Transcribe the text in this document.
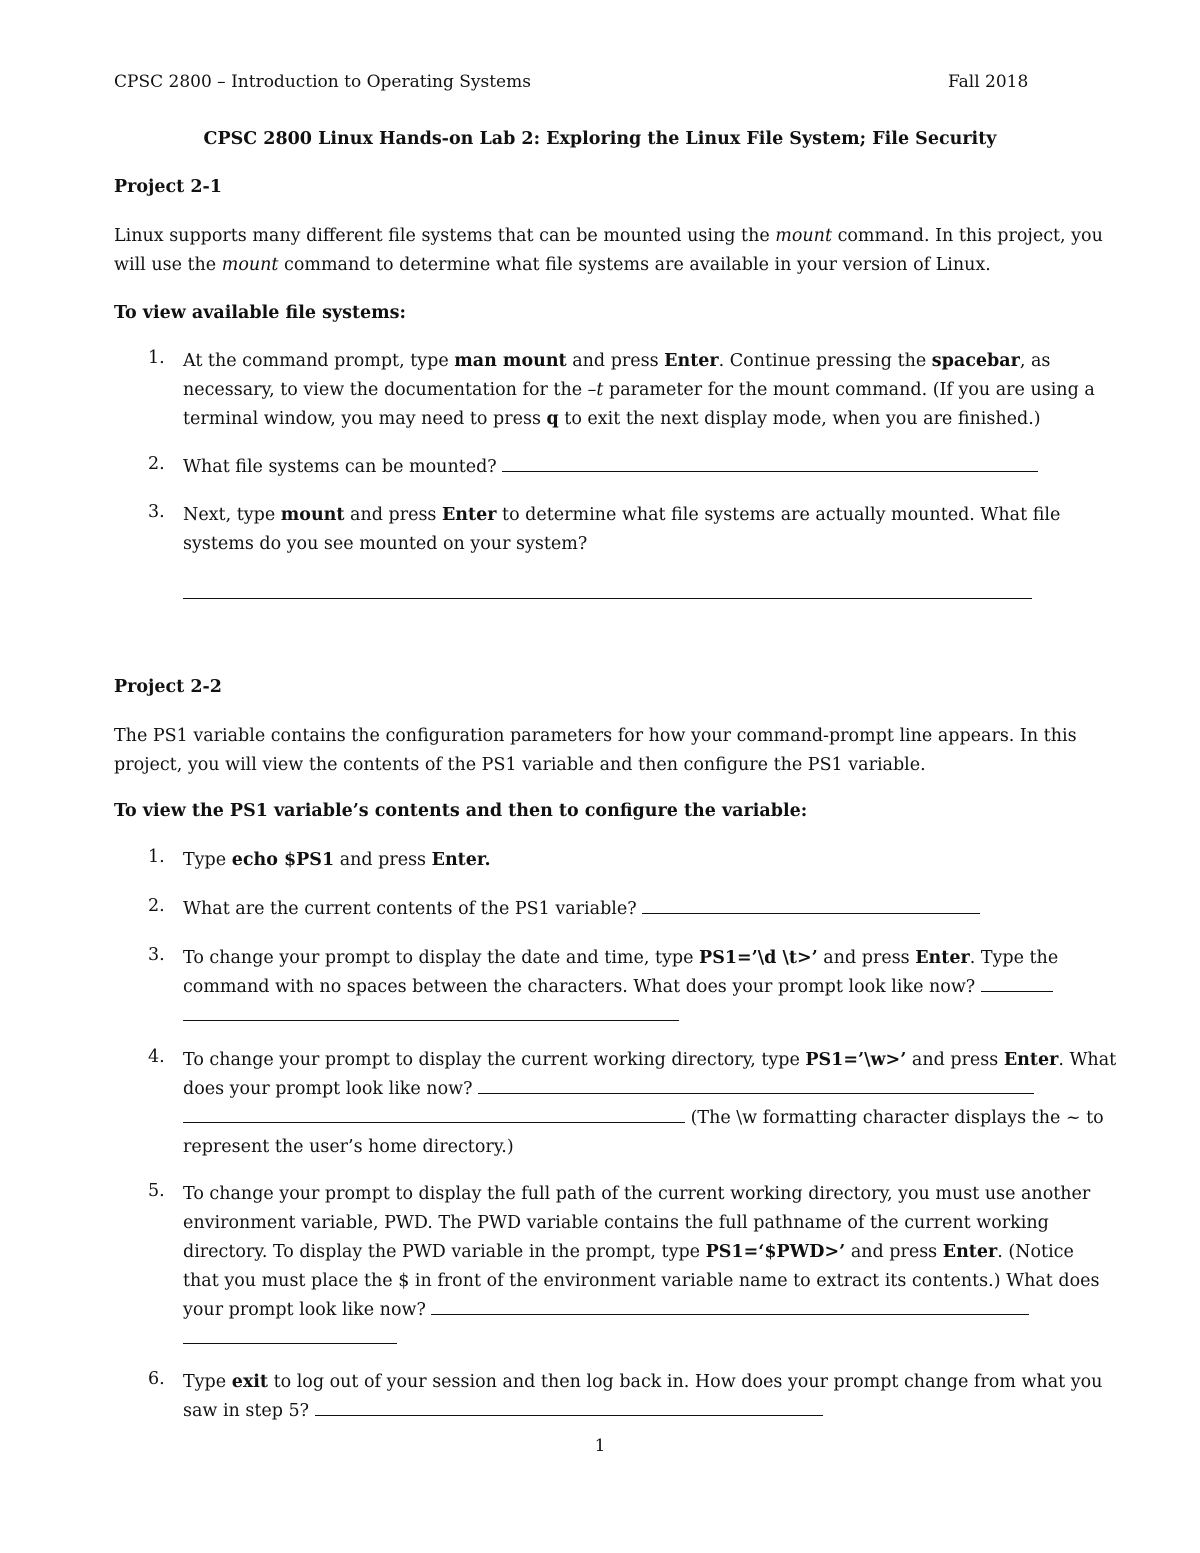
CPSC 2800 – Introduction to Operating Systems	Fall 2018

CPSC 2800 Linux Hands-on Lab 2: Exploring the Linux File System; File Security

Project 2-1

Linux supports many different file systems that can be mounted using the mount command. In this project, you
will use the mount command to determine what file systems are available in your version of Linux.

To view available file systems:

1. At the command prompt, type man mount and press Enter. Continue pressing the spacebar, as
necessary, to view the documentation for the –t parameter for the mount command. (If you are using a
terminal window, you may need to press q to exit the next display mode, when you are finished.)
2. What file systems can be mounted?
3. Next, type mount and press Enter to determine what file systems are actually mounted. What file
systems do you see mounted on your system?

Project 2-2

The PS1 variable contains the configuration parameters for how your command-prompt line appears. In this
project, you will view the contents of the PS1 variable and then configure the PS1 variable.

To view the PS1 variable’s contents and then to configure the variable:

1. Type echo $PS1 and press Enter.
2. What are the current contents of the PS1 variable?
3. To change your prompt to display the date and time, type PS1=’\d \t>’ and press Enter. Type the
command with no spaces between the characters. What does your prompt look like now?
4. To change your prompt to display the current working directory, type PS1=’\w>’ and press Enter. What
does your prompt look like now?
(The \w formatting character displays the ~ to
represent the user’s home directory.)
5. To change your prompt to display the full path of the current working directory, you must use another
environment variable, PWD. The PWD variable contains the full pathname of the current working
directory. To display the PWD variable in the prompt, type PS1=‘$PWD>’ and press Enter. (Notice
that you must place the $ in front of the environment variable name to extract its contents.) What does
your prompt look like now?
6. Type exit to log out of your session and then log back in. How does your prompt change from what you
saw in step 5?
1
